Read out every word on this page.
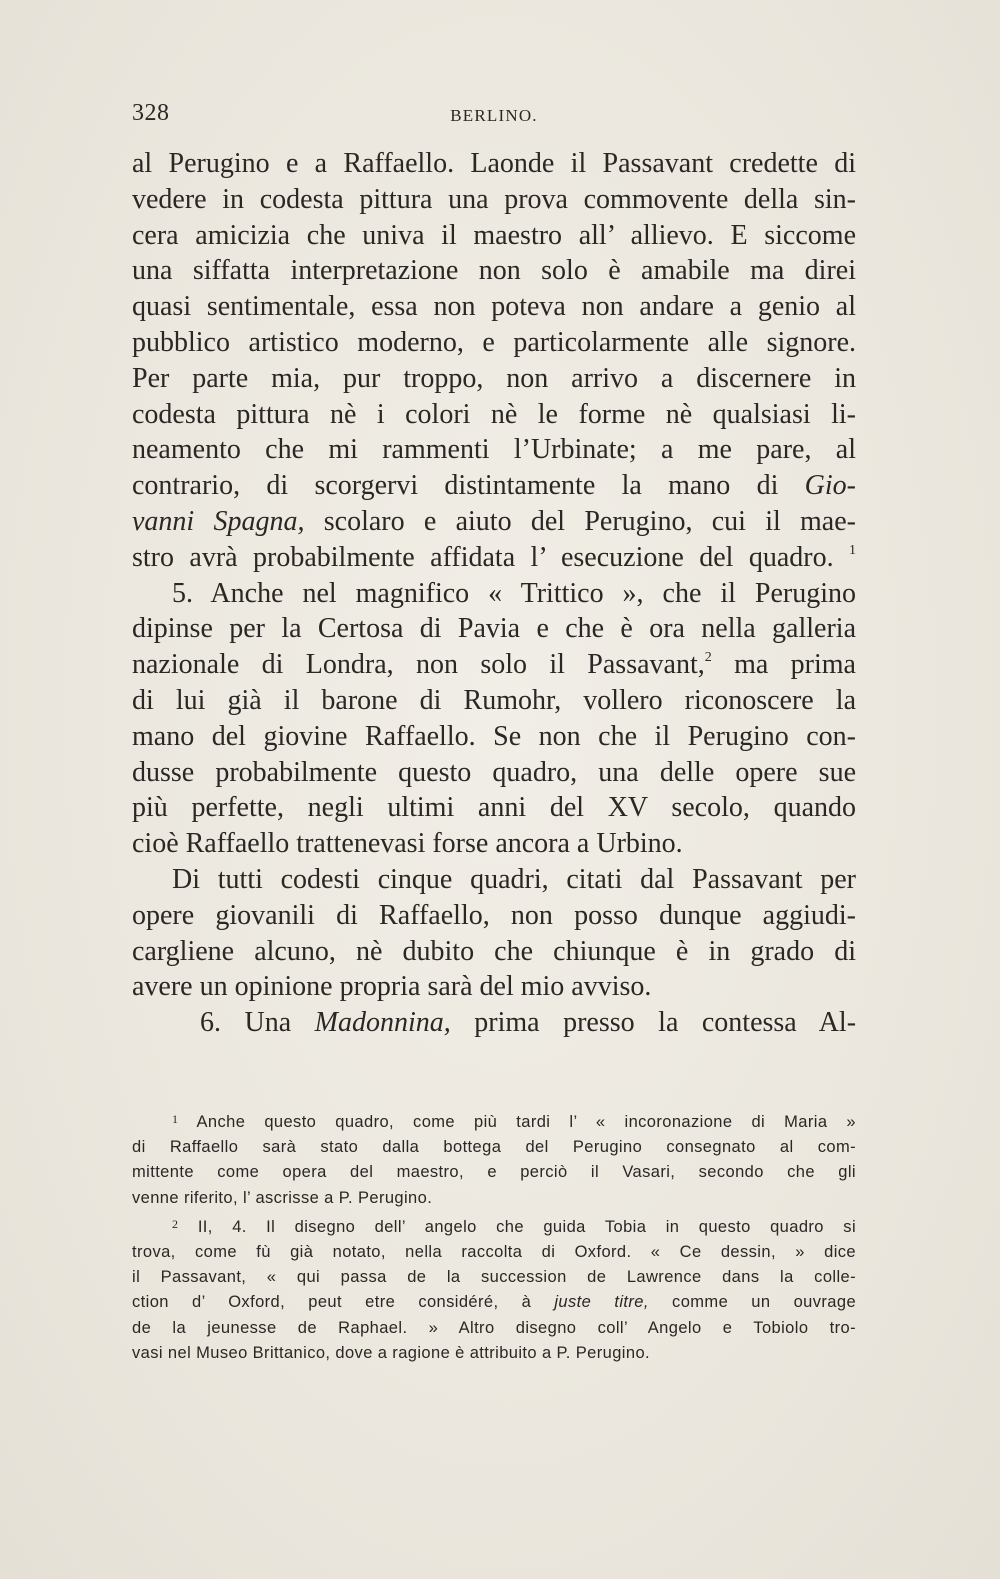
328	BERLINO.
al Perugino e a Raffaello. Laonde il Passavant credette di
vedere in codesta pittura una prova commovente della sin-
cera amicizia che univa il maestro all’ allievo. E siccome
una siffatta interpretazione non solo è amabile ma direi
quasi sentimentale, essa non poteva non andare a genio al
pubblico artistico moderno, e particolarmente alle signore.
Per parte mia, pur troppo, non arrivo a discernere in
codesta pittura nè i colori nè le forme nè qualsiasi li-
neamento che mi rammenti l’Urbinate; a me pare, al
contrario, di scorgervi distintamente la mano di Gio-
vanni Spagna, scolaro e aiuto del Perugino, cui il mae-
stro avrà probabilmente affidata l’ esecuzione del quadro. $^1$
5. Anche nel magnifico « Trittico », che il Perugino
dipinse per la Certosa di Pavia e che è ora nella galleria
nazionale di Londra, non solo il Passavant,$^2$ ma prima
di lui già il barone di Rumohr, vollero riconoscere la
mano del giovine Raffaello. Se non che il Perugino con-
dusse probabilmente questo quadro, una delle opere sue
più perfette, negli ultimi anni del XV secolo, quando
cioè Raffaello trattenevasi forse ancora a Urbino.
Di tutti codesti cinque quadri, citati dal Passavant per
opere giovanili di Raffaello, non posso dunque aggiudi-
cargliene alcuno, nè dubito che chiunque è in grado di
avere un opinione propria sarà del mio avviso.
6. Una Madonnina, prima presso la contessa Al-
$^1$ Anche questo quadro, come più tardi l’ « incoronazione di Maria »
di Raffaello sarà stato dalla bottega del Perugino consegnato al com-
mittente come opera del maestro, e perciò il Vasari, secondo che gli
venne riferito, l’ ascrisse a P. Perugino.
$^2$ II, 4. Il disegno dell’ angelo che guida Tobia in questo quadro si
trova, come fù già notato, nella raccolta di Oxford. « Ce dessin, » dice
il Passavant, « qui passa de la succession de Lawrence dans la colle-
ction d’ Oxford, peut etre considéré, à juste titre, comme un ouvrage
de la jeunesse de Raphael. » Altro disegno coll’ Angelo e Tobiolo tro-
vasi nel Museo Brittanico, dove a ragione è attribuito a P. Perugino.
